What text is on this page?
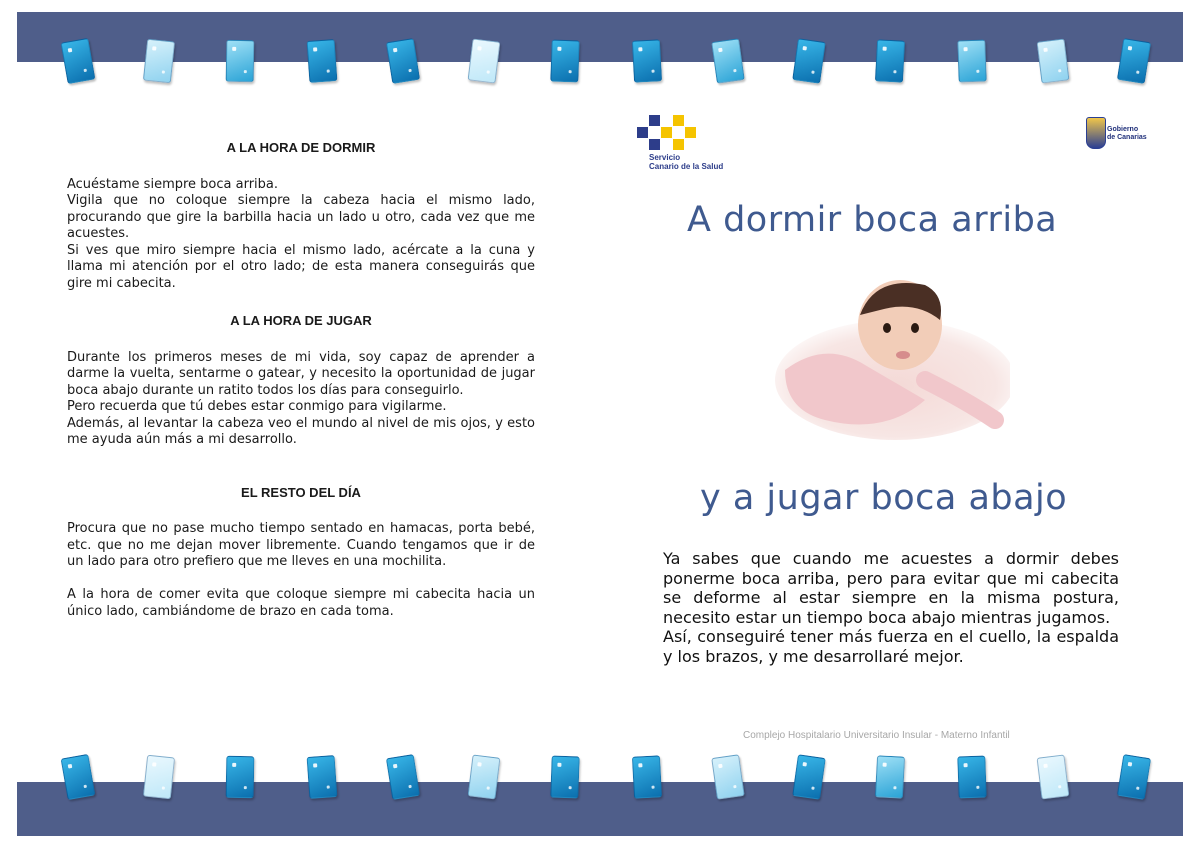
A LA HORA DE DORMIR

Acuéstame siempre boca arriba.
Vigila que no coloque siempre la cabeza hacia el mismo lado, procurando que gire la barbilla hacia un lado u otro, cada vez que me acuestes.
Si ves que miro siempre hacia el mismo lado, acércate a la cuna y llama mi atención por el otro lado; de esta manera conseguirás que gire mi cabecita.

A LA HORA DE JUGAR

Durante los primeros meses de mi vida, soy capaz de aprender a darme la vuelta, sentarme o gatear, y necesito la oportunidad de jugar boca abajo durante un ratito todos los días para conseguirlo.
Pero recuerda que tú debes estar conmigo para vigilarme.
Además, al levantar la cabeza veo el mundo al nivel de mis ojos, y esto me ayuda aún más a mi desarrollo.

EL RESTO DEL DÍA

Procura que no pase mucho tiempo sentado en hamacas, porta bebé, etc. que no me dejan mover libremente. Cuando tengamos que ir de un lado para otro prefiero que me lleves en una mochilita.

A la hora de comer evita que coloque siempre mi cabecita hacia un único lado, cambiándome de brazo en cada toma.

Servicio
Canario de la Salud
Gobierno
de Canarias
A dormir boca arriba
y a jugar boca abajo
Ya sabes que cuando me acuestes a dormir debes ponerme boca arriba, pero para evitar que mi cabecita se deforme al estar siempre en la misma postura, necesito estar un tiempo boca abajo mientras jugamos.
Así, conseguiré tener más fuerza en el cuello, la espalda y los brazos, y me desarrollaré mejor.
Complejo Hospitalario Universitario Insular - Materno Infantil
